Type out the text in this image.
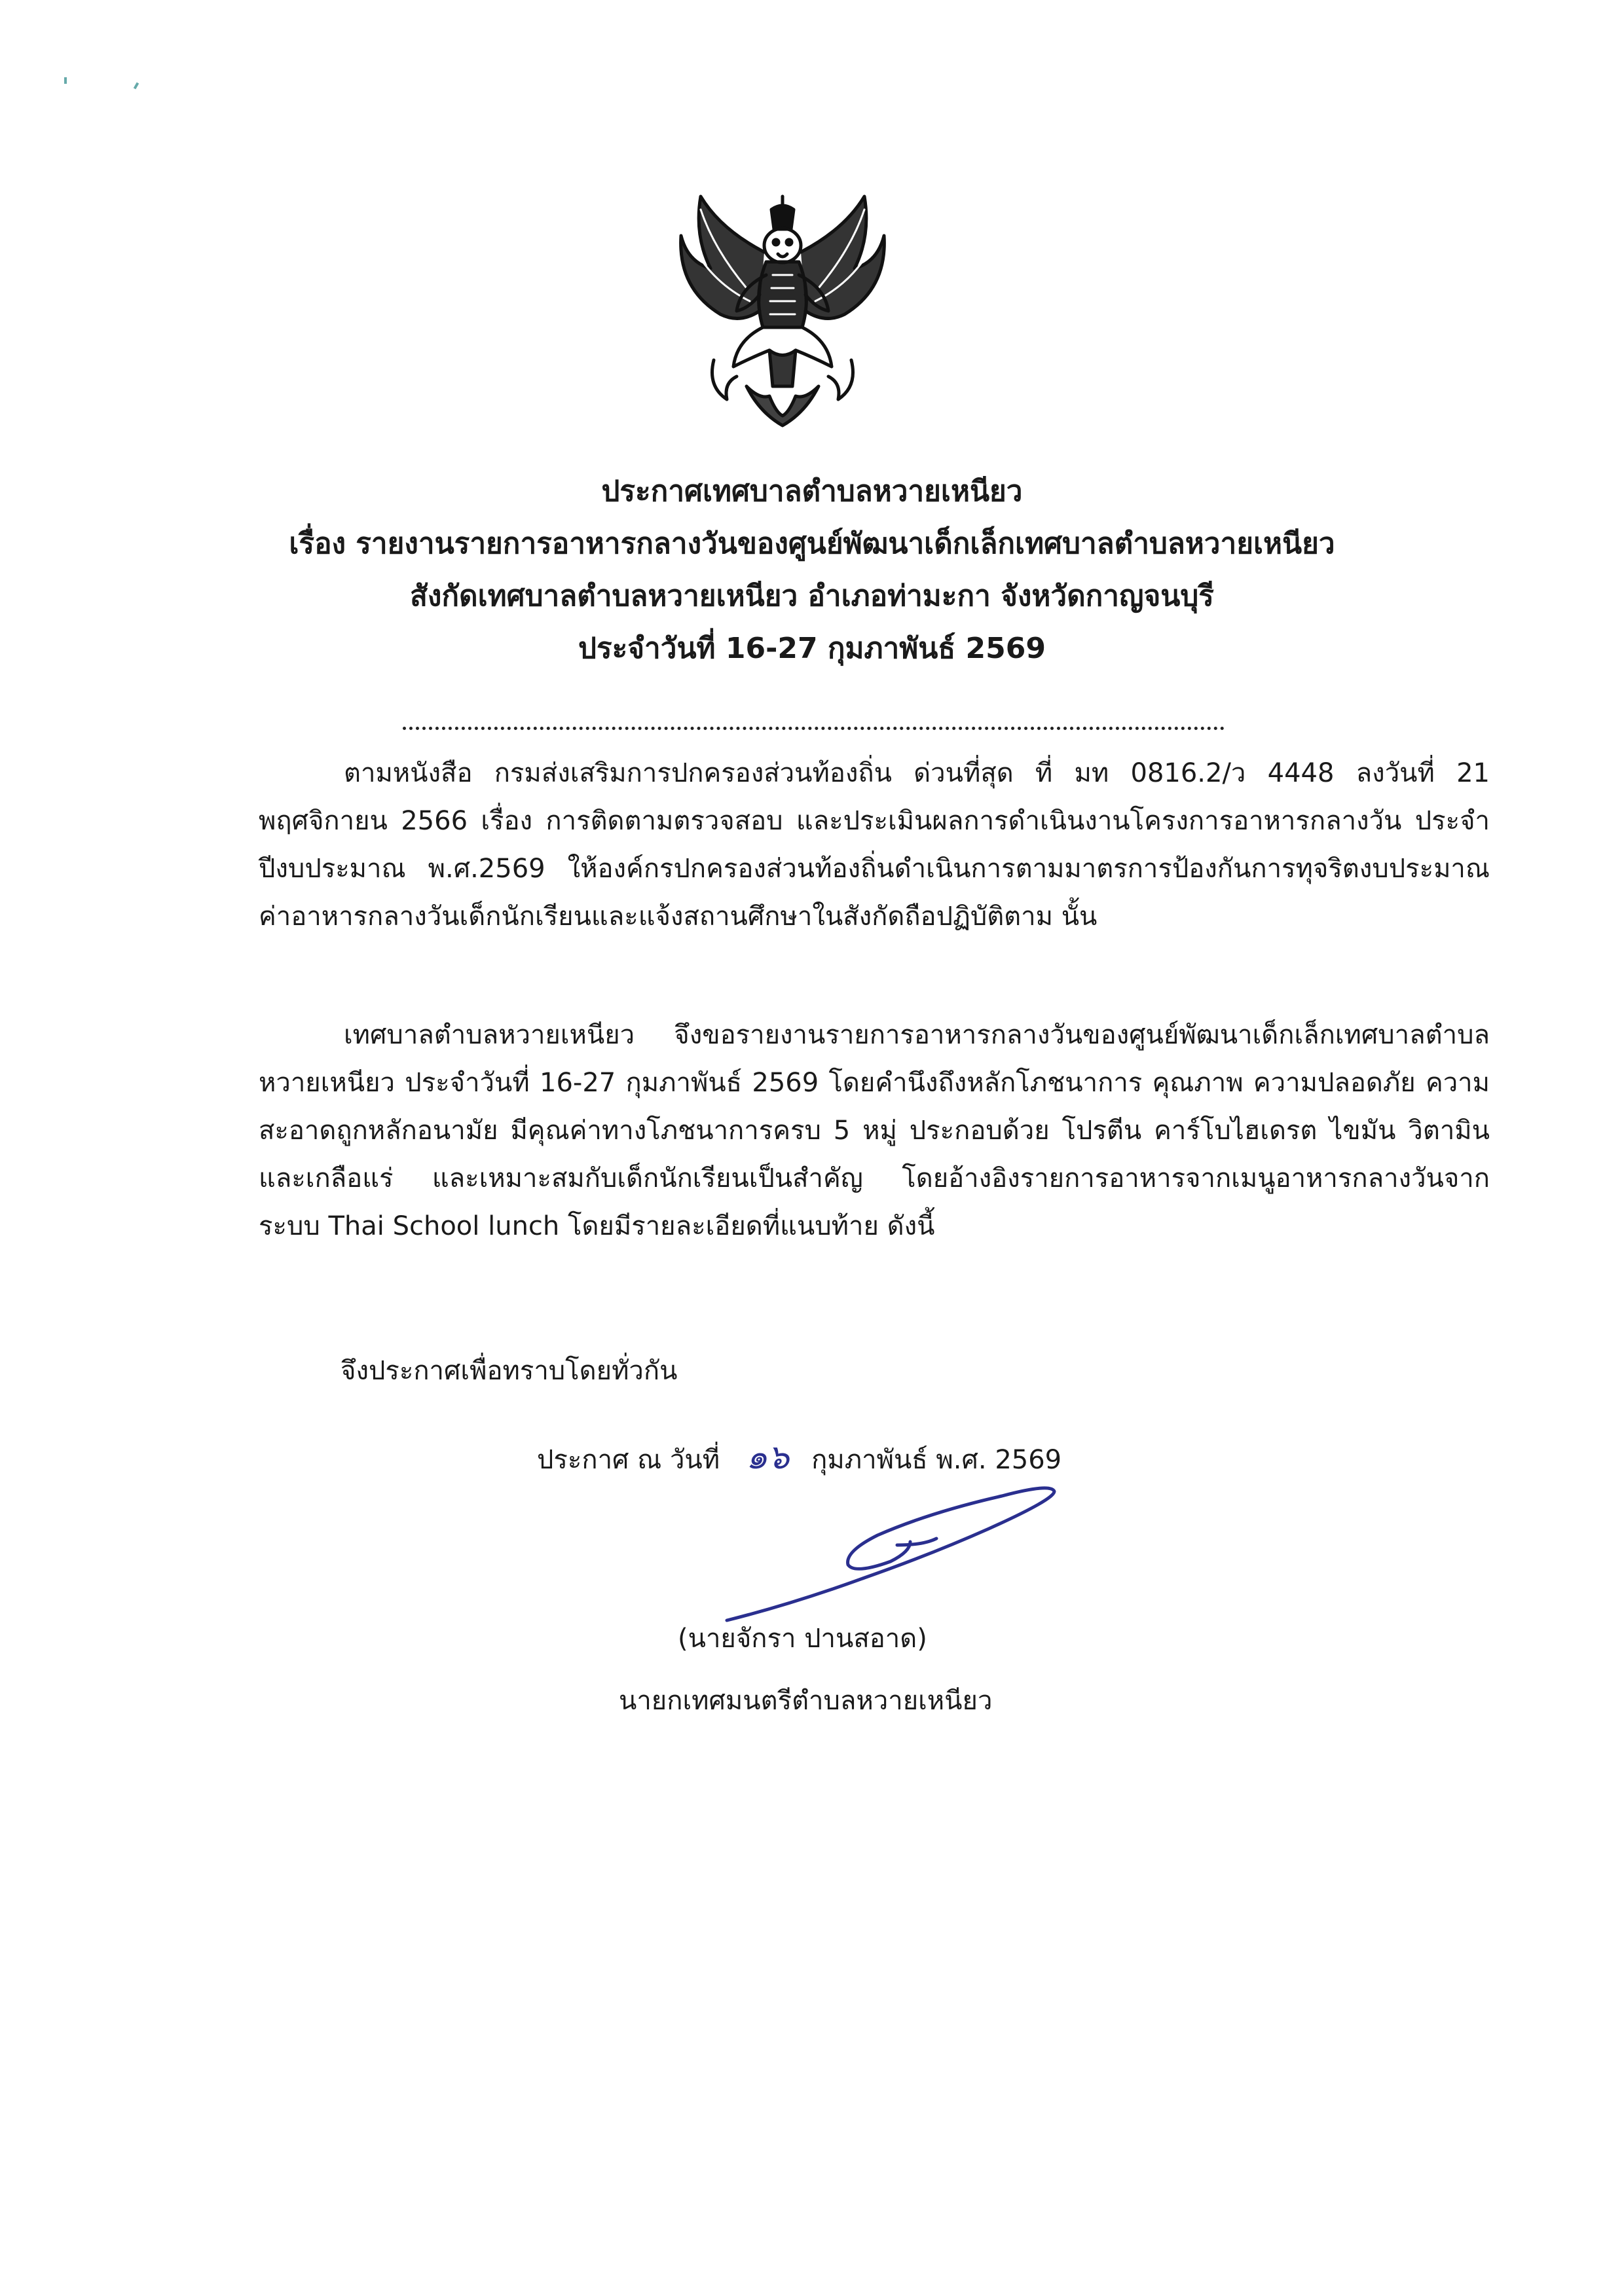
ประกาศเทศบาลตำบลหวายเหนียว
เรื่อง รายงานรายการอาหารกลางวันของศูนย์พัฒนาเด็กเล็กเทศบาลตำบลหวายเหนียว
สังกัดเทศบาลตำบลหวายเหนียว อำเภอท่ามะกา จังหวัดกาญจนบุรี
ประจำวันที่ 16-27 กุมภาพันธ์ 2569
ตามหนังสือ กรมส่งเสริมการปกครองส่วนท้องถิ่น ด่วนที่สุด ที่ มท 0816.2/ว 4448 ลงวันที่ 21 พฤศจิกายน 2566 เรื่อง การติดตามตรวจสอบ และประเมินผลการดำเนินงานโครงการอาหารกลางวัน ประจำปีงบประมาณ พ.ศ.2569 ให้องค์กรปกครองส่วนท้องถิ่นดำเนินการตามมาตรการป้องกันการทุจริตงบประมาณค่าอาหารกลางวันเด็กนักเรียนและแจ้งสถานศึกษาในสังกัดถือปฏิบัติตาม นั้น
เทศบาลตำบลหวายเหนียว จึงขอรายงานรายการอาหารกลางวันของศูนย์พัฒนาเด็กเล็กเทศบาลตำบลหวายเหนียว ประจำวันที่ 16-27 กุมภาพันธ์ 2569 โดยคำนึงถึงหลักโภชนาการ คุณภาพ ความปลอดภัย ความสะอาดถูกหลักอนามัย มีคุณค่าทางโภชนาการครบ 5 หมู่ ประกอบด้วย โปรตีน คาร์โบไฮเดรต ไขมัน วิตามิน และเกลือแร่ และเหมาะสมกับเด็กนักเรียนเป็นสำคัญ โดยอ้างอิงรายการอาหารจากเมนูอาหารกลางวันจากระบบ Thai School lunch โดยมีรายละเอียดที่แนบท้าย ดังนี้
จึงประกาศเพื่อทราบโดยทั่วกัน
ประกาศ ณ วันที่ ๑๖ กุมภาพันธ์ พ.ศ. 2569
(นายจักรา ปานสอาด)
นายกเทศมนตรีตำบลหวายเหนียว
